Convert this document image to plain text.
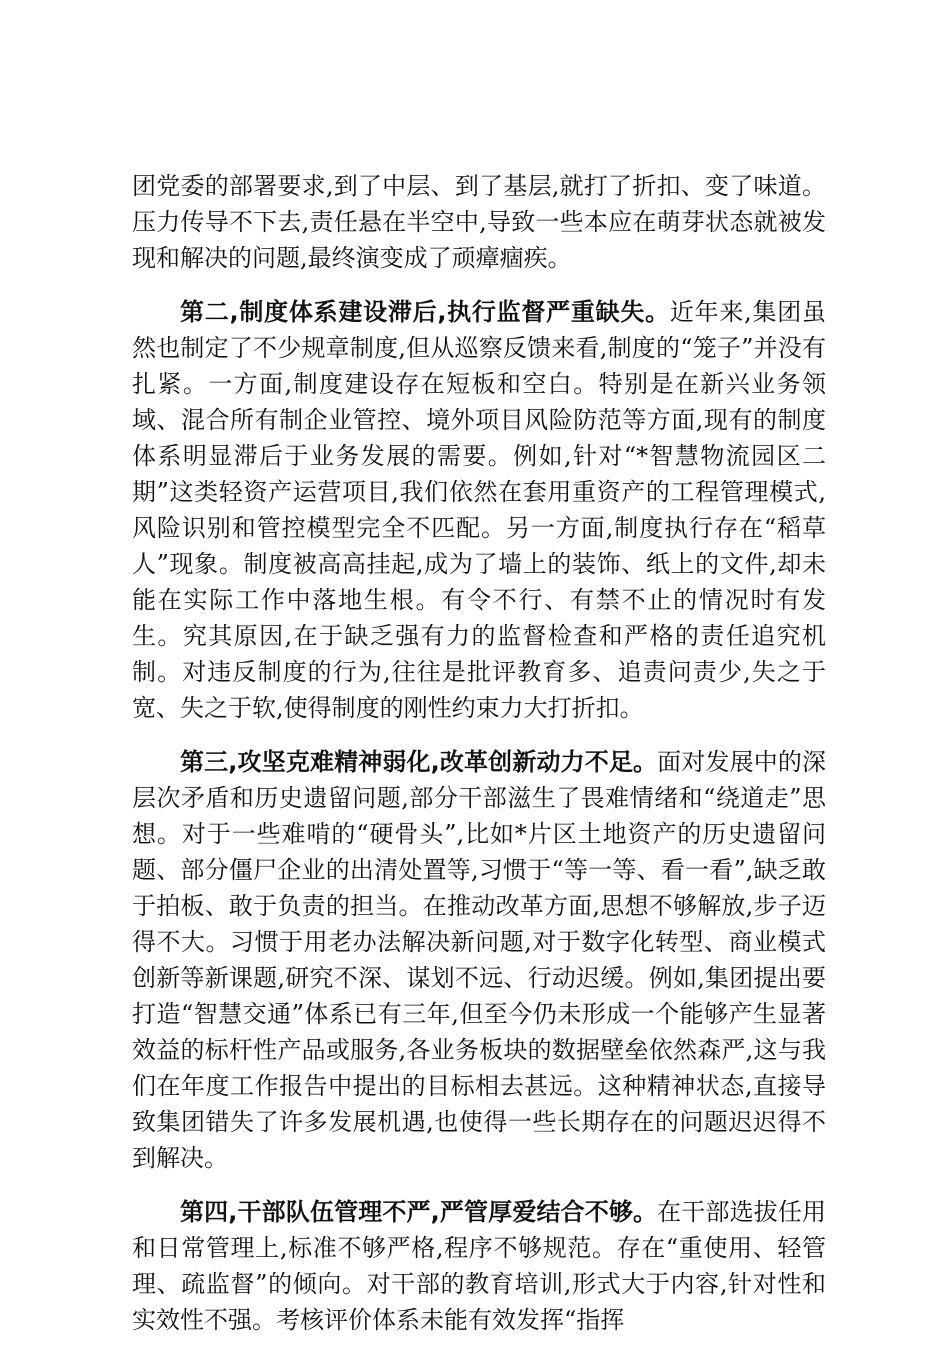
团党委的部署要求,到了中层、到了基层,就打了折扣、变了味道。压力传导不下去,责任悬在半空中,导致一些本应在萌芽状态就被发现和解决的问题,最终演变成了顽瘴痼疾。

第二,制度体系建设滞后,执行监督严重缺失。近年来,集团虽然也制定了不少规章制度,但从巡察反馈来看,制度的“笼子”并没有扎紧。一方面,制度建设存在短板和空白。特别是在新兴业务领域、混合所有制企业管控、境外项目风险防范等方面,现有的制度体系明显滞后于业务发展的需要。例如,针对“*智慧物流园区二期”这类轻资产运营项目,我们依然在套用重资产的工程管理模式,风险识别和管控模型完全不匹配。另一方面,制度执行存在“稻草人”现象。制度被高高挂起,成为了墙上的装饰、纸上的文件,却未能在实际工作中落地生根。有令不行、有禁不止的情况时有发生。究其原因,在于缺乏强有力的监督检查和严格的责任追究机制。对违反制度的行为,往往是批评教育多、追责问责少,失之于宽、失之于软,使得制度的刚性约束力大打折扣。

第三,攻坚克难精神弱化,改革创新动力不足。面对发展中的深层次矛盾和历史遗留问题,部分干部滋生了畏难情绪和“绕道走”思想。对于一些难啃的“硬骨头”,比如*片区土地资产的历史遗留问题、部分僵尸企业的出清处置等,习惯于“等一等、看一看”,缺乏敢于拍板、敢于负责的担当。在推动改革方面,思想不够解放,步子迈得不大。习惯于用老办法解决新问题,对于数字化转型、商业模式创新等新课题,研究不深、谋划不远、行动迟缓。例如,集团提出要打造“智慧交通”体系已有三年,但至今仍未形成一个能够产生显著效益的标杆性产品或服务,各业务板块的数据壁垒依然森严,这与我们在年度工作报告中提出的目标相去甚远。这种精神状态,直接导致集团错失了许多发展机遇,也使得一些长期存在的问题迟迟得不到解决。

第四,干部队伍管理不严,严管厚爱结合不够。在干部选拔任用和日常管理上,标准不够严格,程序不够规范。存在“重使用、轻管理、疏监督”的倾向。对干部的教育培训,形式大于内容,针对性和实效性不强。考核评价体系未能有效发挥“指挥
